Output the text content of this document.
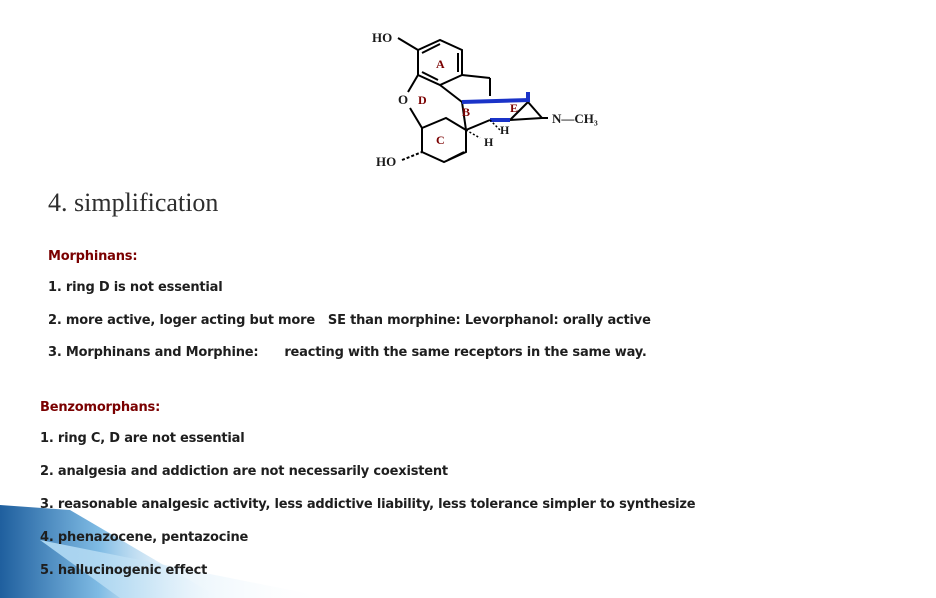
HO
O
HO
N—CH₃
H
H
A
D
B
C
E
4. simplification
Morphinans:
1. ring D is not essential
2. more active, loger acting but more   SE than morphine: Levorphanol: orally active
3. Morphinans and Morphine:      reacting with the same receptors in the same way.
Benzomorphans:
1. ring C, D are not essential
2. analgesia and addiction are not necessarily coexistent
3. reasonable analgesic activity, less addictive liability, less tolerance simpler to synthesize
4. phenazocene, pentazocine
5. hallucinogenic effect
